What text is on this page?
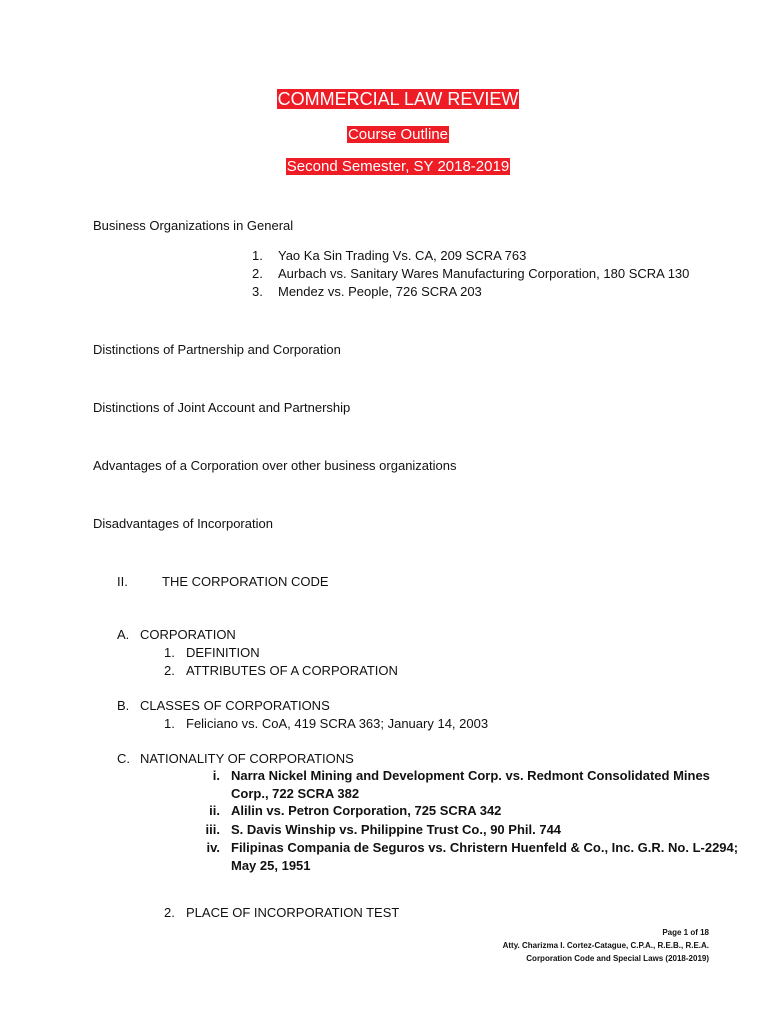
COMMERCIAL LAW REVIEW
Course Outline
Second Semester, SY 2018-2019
Business Organizations in General
1. Yao Ka Sin Trading Vs. CA, 209 SCRA 763
2. Aurbach vs. Sanitary Wares Manufacturing Corporation, 180 SCRA 130
3. Mendez vs. People, 726 SCRA 203
Distinctions of Partnership and Corporation
Distinctions of Joint Account and Partnership
Advantages of a Corporation over other business organizations
Disadvantages of Incorporation
II.	THE CORPORATION CODE
A. CORPORATION
1. DEFINITION
2. ATTRIBUTES OF A CORPORATION
B. CLASSES OF CORPORATIONS
1. Feliciano vs. CoA, 419 SCRA 363; January 14, 2003
C. NATIONALITY OF CORPORATIONS
i. Narra Nickel Mining and Development Corp. vs. Redmont Consolidated Mines
Corp., 722 SCRA 382
ii. Alilin vs. Petron Corporation, 725 SCRA 342
iii. S. Davis Winship vs. Philippine Trust Co., 90 Phil. 744
iv. Filipinas Compania de Seguros vs. Christern Huenfeld & Co., Inc. G.R. No. L-2294;
May 25, 1951
2. PLACE OF INCORPORATION TEST
Page 1 of 18
Atty. Charizma I. Cortez-Catague, C.P.A., R.E.B., R.E.A.
Corporation Code and Special Laws (2018-2019)
